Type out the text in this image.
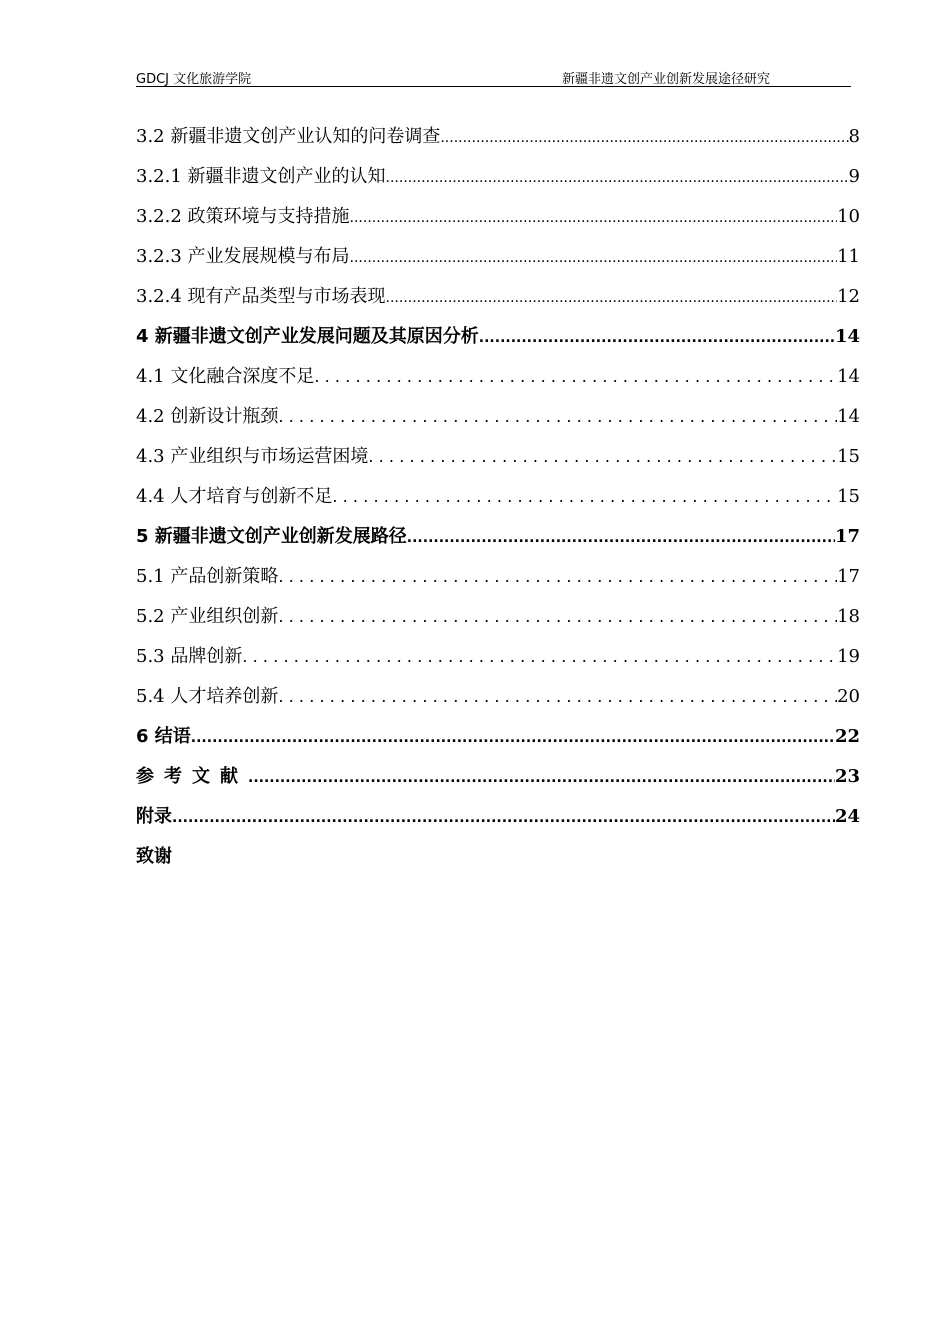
GDCJ 文化旅游学院	新疆非遗文创产业创新发展途径研究
3.2 新疆非遗文创产业认知的问卷调查 .....	8
3.2.1 新疆非遗文创产业的认知 .....	9
3.2.2 政策环境与支持措施 .....	10
3.2.3 产业发展规模与布局 .....	11
3.2.4 现有产品类型与市场表现 .....	12
4 新疆非遗文创产业发展问题及其原因分析 .....	14
4.1 文化融合深度不足 .....	14
4.2 创新设计瓶颈 .....	14
4.3 产业组织与市场运营困境 .....	15
4.4 人才培育与创新不足 .....	15
5 新疆非遗文创产业创新发展路径 .....	17
5.1 产品创新策略 .....	17
5.2 产业组织创新 .....	18
5.3 品牌创新 .....	19
5.4 人才培养创新 .....	20
6 结语 .....	22
参考文献 .....	23
附录 .....	24
致谢
